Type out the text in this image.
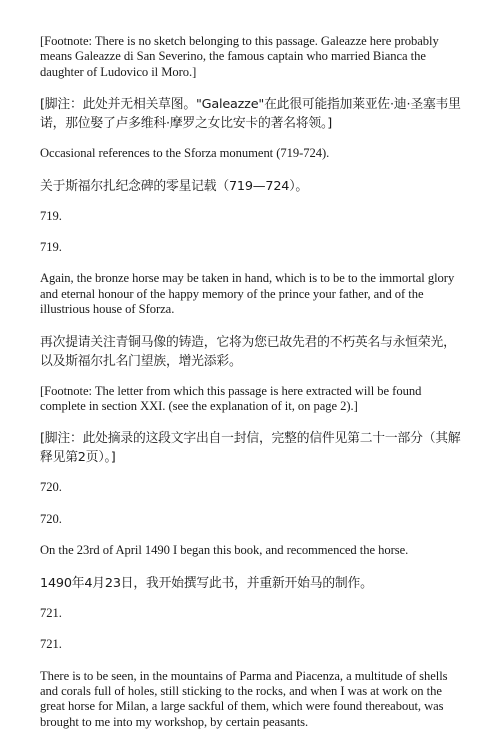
[Footnote: There is no sketch belonging to this passage. Galeazze here probably means Galeazze di San Severino, the famous captain who married Bianca the daughter of Ludovico il Moro.]

[脚注：此处并无相关草图。"Galeazze"在此很可能指加莱亚佐·迪·圣塞韦里诺，那位娶了卢多维科·摩罗之女比安卡的著名将领。]

Occasional references to the Sforza monument (719-724).

关于斯福尔扎纪念碑的零星记载（719—724）。

719.

719.

Again, the bronze horse may be taken in hand, which is to be to the immortal glory and eternal honour of the happy memory of the prince your father, and of the illustrious house of Sforza.

再次提请关注青铜马像的铸造，它将为您已故先君的不朽英名与永恒荣光，以及斯福尔扎名门望族，增光添彩。

[Footnote: The letter from which this passage is here extracted will be found complete in section XXI. (see the explanation of it, on page 2).]

[脚注：此处摘录的这段文字出自一封信，完整的信件见第二十一部分（其解释见第2页）。]

720.

720.

On the 23rd of April 1490 I began this book, and recommenced the horse.

1490年4月23日，我开始撰写此书，并重新开始马的制作。

721.

721.

There is to be seen, in the mountains of Parma and Piacenza, a multitude of shells and corals full of holes, still sticking to the rocks, and when I was at work on the great horse for Milan, a large sackful of them, which were found thereabout, was brought to me into my workshop, by certain peasants.
